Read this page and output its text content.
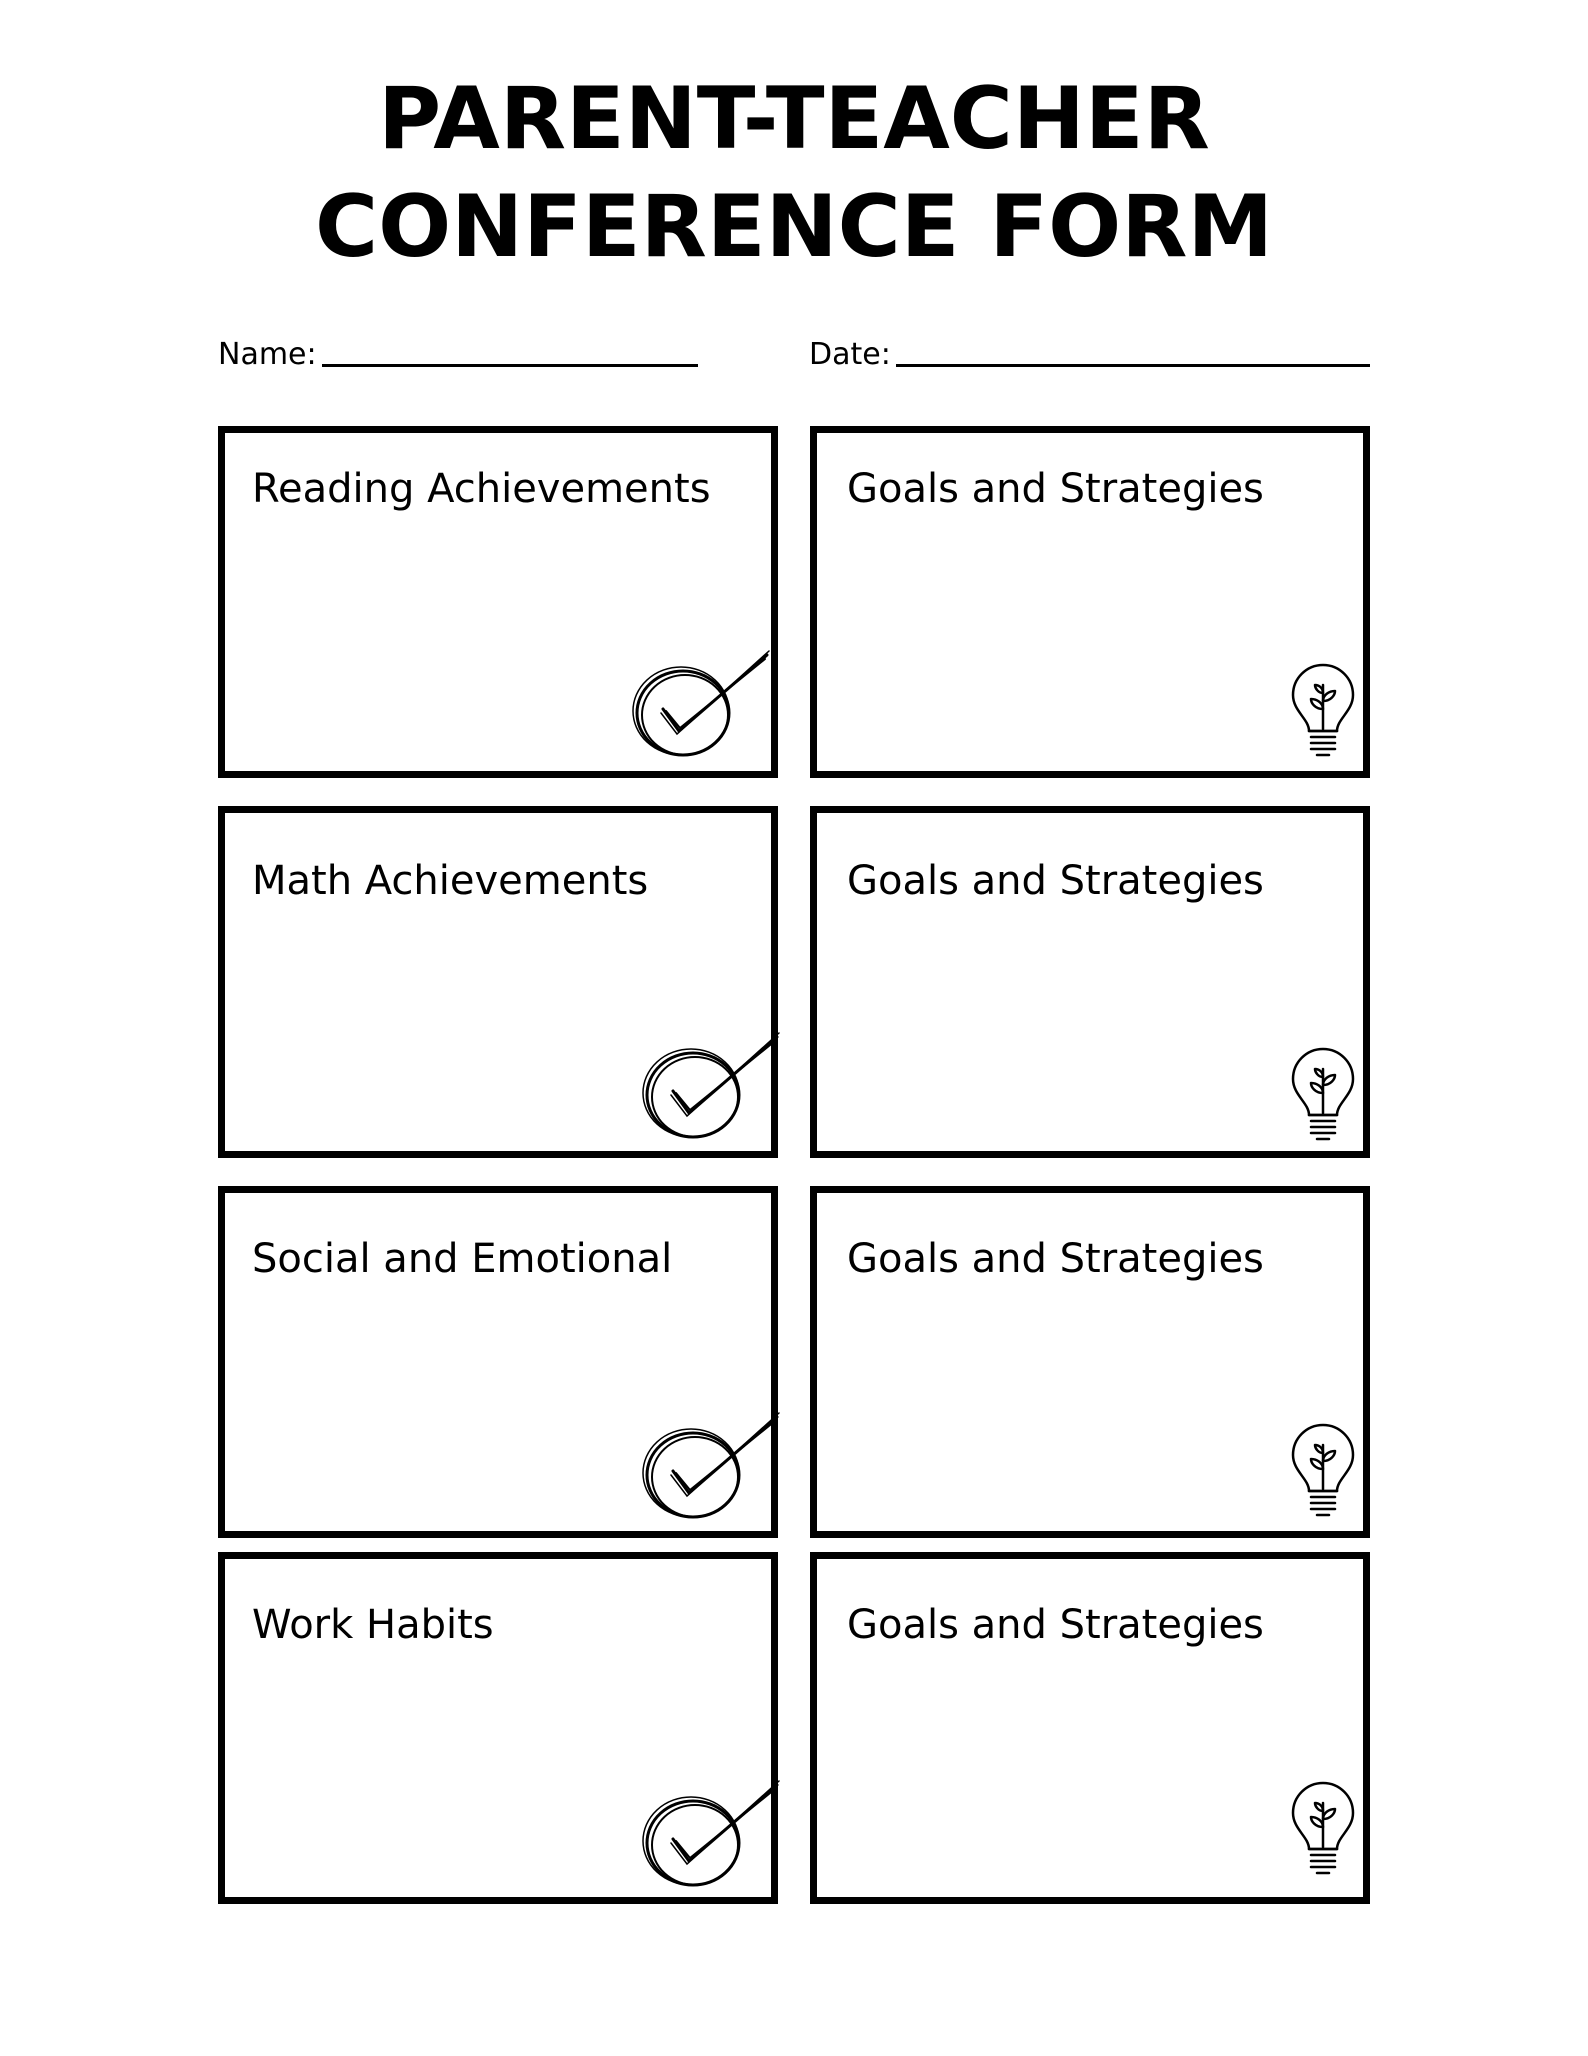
PARENT-TEACHER
CONFERENCE FORM
Name:	Date:
Reading Achievements	Goals and Strategies
Math Achievements	Goals and Strategies
Social and Emotional	Goals and Strategies
Work Habits	Goals and Strategies
